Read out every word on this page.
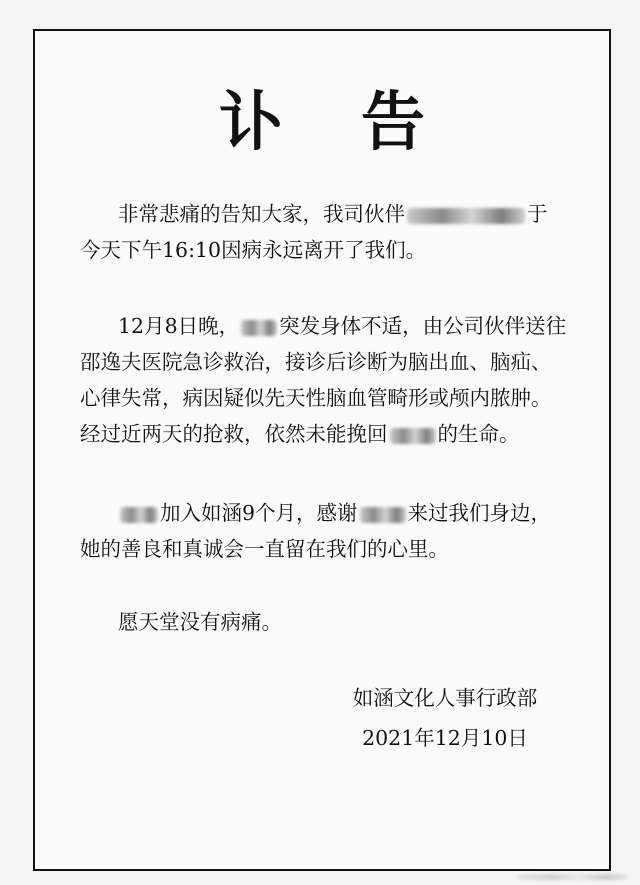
讣告

非常悲痛的告知大家，我司伙伴	于
今天下午16:10因病永远离开了我们。

12月8日晚， 突发身体不适，由公司伙伴送往
邵逸夫医院急诊救治，接诊后诊断为脑出血、脑疝、
心律失常，病因疑似先天性脑血管畸形或颅内脓肿。
经过近两天的抢救，依然未能挽回 的生命。

加入如涵9个月，感谢 来过我们身边，
她的善良和真诚会一直留在我们的心里。

愿天堂没有病痛。

如涵文化人事行政部
2021年12月10日
